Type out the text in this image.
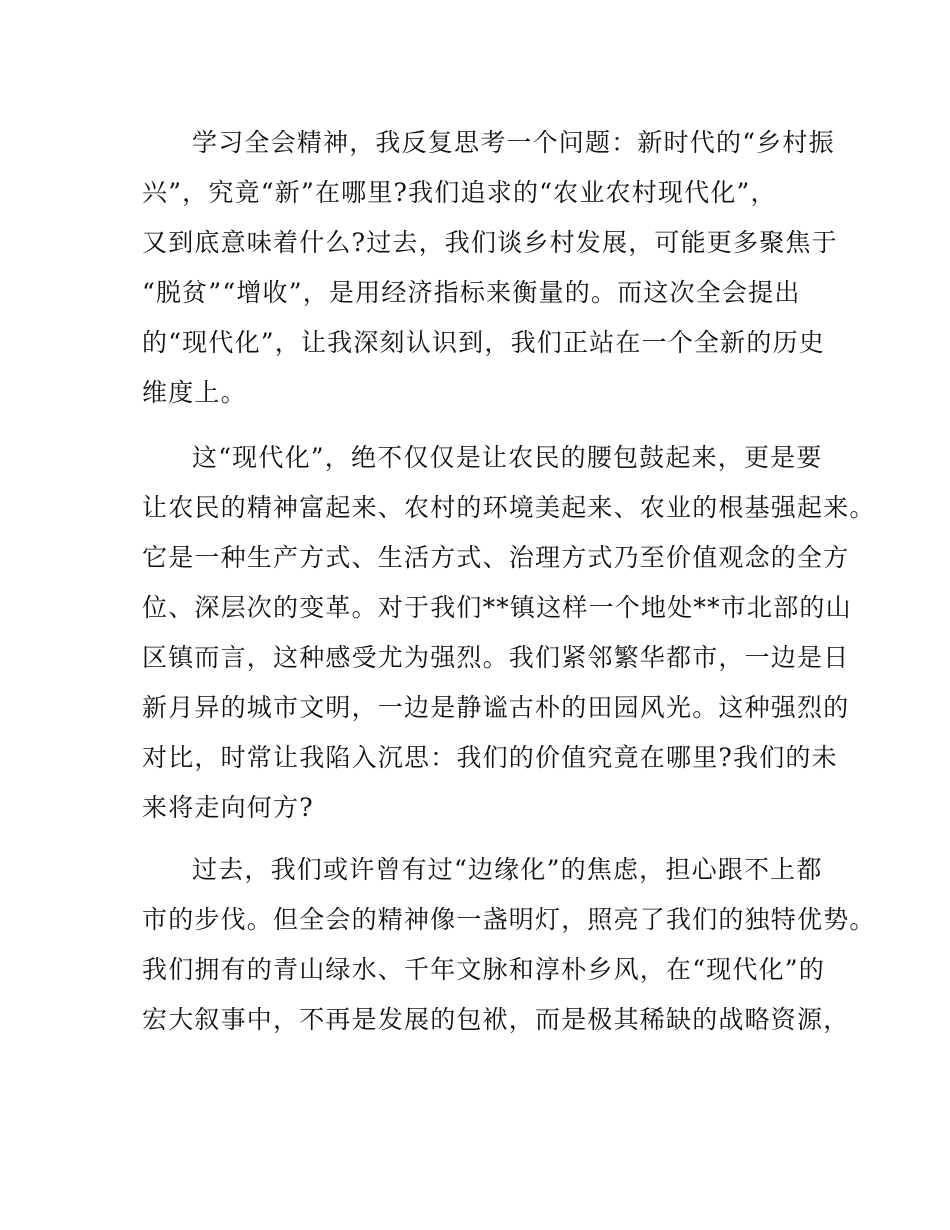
学习全会精神，我反复思考一个问题：新时代的“乡村振
兴”，究竟“新”在哪里?我们追求的“农业农村现代化”，
又到底意味着什么?过去，我们谈乡村发展，可能更多聚焦于
“脱贫”“增收”，是用经济指标来衡量的。而这次全会提出
的“现代化”，让我深刻认识到，我们正站在一个全新的历史
维度上。
这“现代化”，绝不仅仅是让农民的腰包鼓起来，更是要
让农民的精神富起来、农村的环境美起来、农业的根基强起来。
它是一种生产方式、生活方式、治理方式乃至价值观念的全方
位、深层次的变革。对于我们**镇这样一个地处**市北部的山
区镇而言，这种感受尤为强烈。我们紧邻繁华都市，一边是日
新月异的城市文明，一边是静谧古朴的田园风光。这种强烈的
对比，时常让我陷入沉思：我们的价值究竟在哪里?我们的未
来将走向何方?
过去，我们或许曾有过“边缘化”的焦虑，担心跟不上都
市的步伐。但全会的精神像一盏明灯，照亮了我们的独特优势。
我们拥有的青山绿水、千年文脉和淳朴乡风，在“现代化”的
宏大叙事中，不再是发展的包袱，而是极其稀缺的战略资源，
